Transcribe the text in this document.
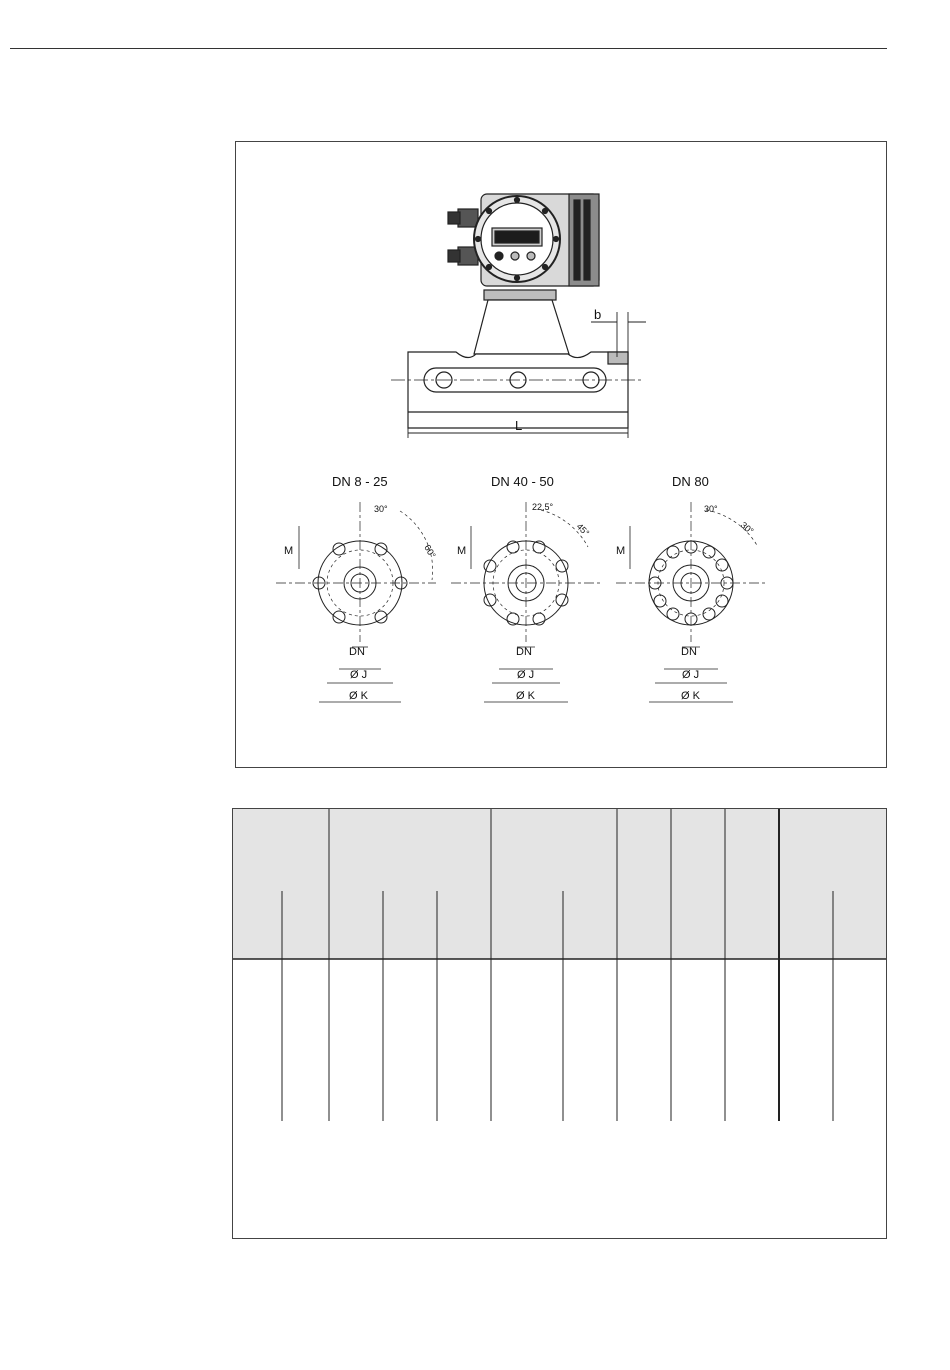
b
L
DN 8 - 25	DN 40 - 50	DN 80
30°
60°
M
DN
Ø J
Ø K
22,5°
45°
M
DN
Ø J
Ø K
30°
30°
M
DN
Ø J
Ø K
